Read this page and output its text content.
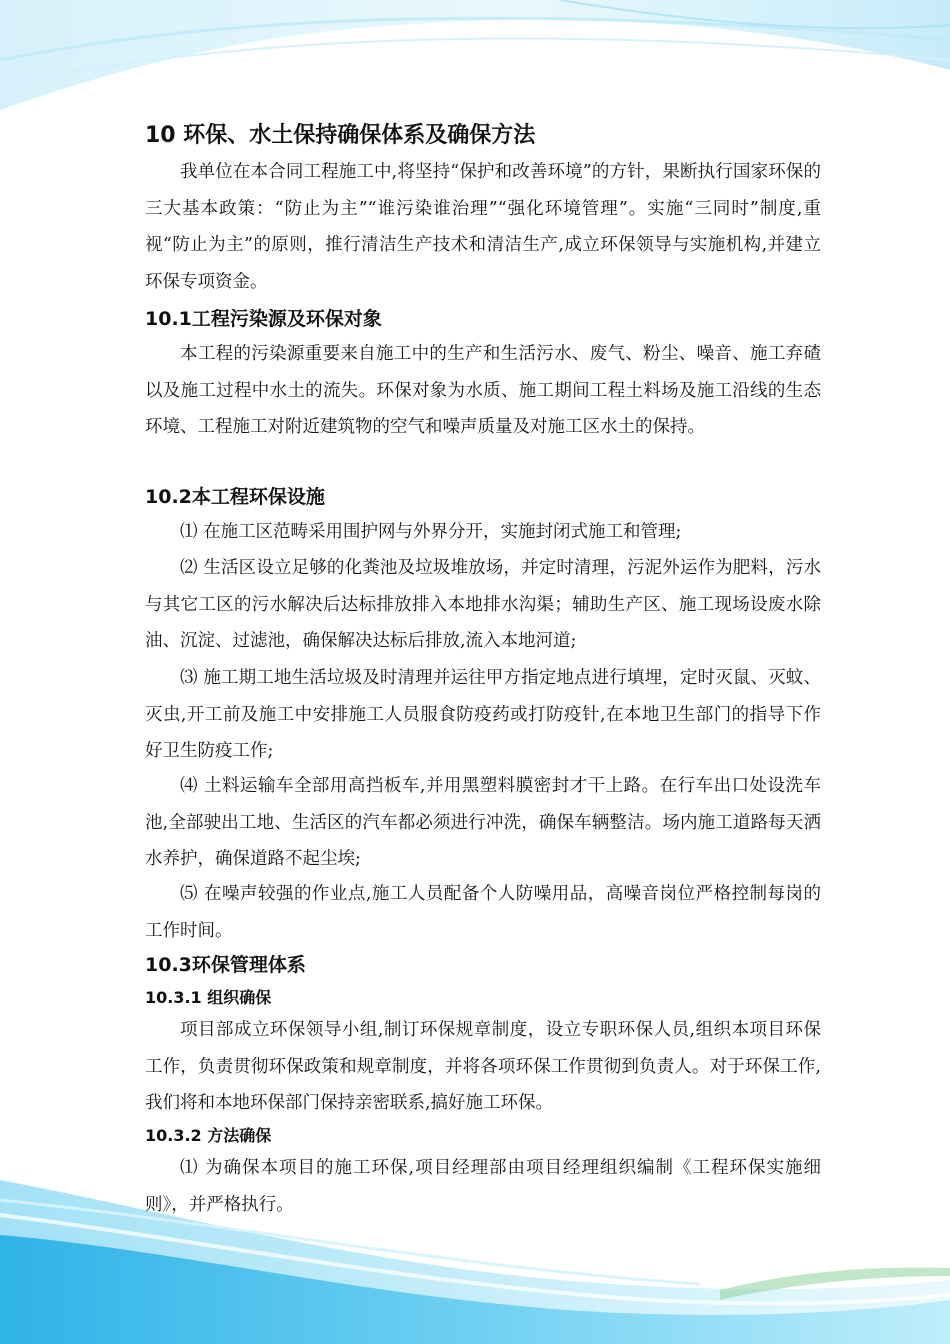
10 环保、水土保持确保体系及确保方法

我单位在本合同工程施工中,将坚持“保护和改善环境”的方针，果断执行国家环保的三大基本政策：“防止为主”“谁污染谁治理”“强化环境管理”。实施“三同时”制度,重视“防止为主”的原则，推行清洁生产技术和清洁生产,成立环保领导与实施机构,并建立环保专项资金。

10.1工程污染源及环保对象

本工程的污染源重要来自施工中的生产和生活污水、废气、粉尘、噪音、施工弃碴以及施工过程中水土的流失。环保对象为水质、施工期间工程土料场及施工沿线的生态环境、工程施工对附近建筑物的空气和噪声质量及对施工区水土的保持。

10.2本工程环保设施

⑴ 在施工区范畴采用围护网与外界分开，实施封闭式施工和管理;

⑵ 生活区设立足够的化粪池及垃圾堆放场，并定时清理，污泥外运作为肥料，污水与其它工区的污水解决后达标排放排入本地排水沟渠；辅助生产区、施工现场设废水除油、沉淀、过滤池，确保解决达标后排放,流入本地河道;

⑶ 施工期工地生活垃圾及时清理并运往甲方指定地点进行填埋，定时灭鼠、灭蚊、灭虫,开工前及施工中安排施工人员服食防疫药或打防疫针,在本地卫生部门的指导下作好卫生防疫工作;

⑷ 土料运输车全部用高挡板车,并用黑塑料膜密封才干上路。在行车出口处设洗车池,全部驶出工地、生活区的汽车都必须进行冲洗，确保车辆整洁。场内施工道路每天洒水养护，确保道路不起尘埃;

⑸ 在噪声较强的作业点,施工人员配备个人防噪用品，高噪音岗位严格控制每岗的工作时间。

10.3环保管理体系
10.3.1 组织确保

项目部成立环保领导小组,制订环保规章制度，设立专职环保人员,组织本项目环保工作，负责贯彻环保政策和规章制度，并将各项环保工作贯彻到负责人。对于环保工作,我们将和本地环保部门保持亲密联系,搞好施工环保。

10.3.2 方法确保

⑴ 为确保本项目的施工环保,项目经理部由项目经理组织编制《工程环保实施细则》，并严格执行。
